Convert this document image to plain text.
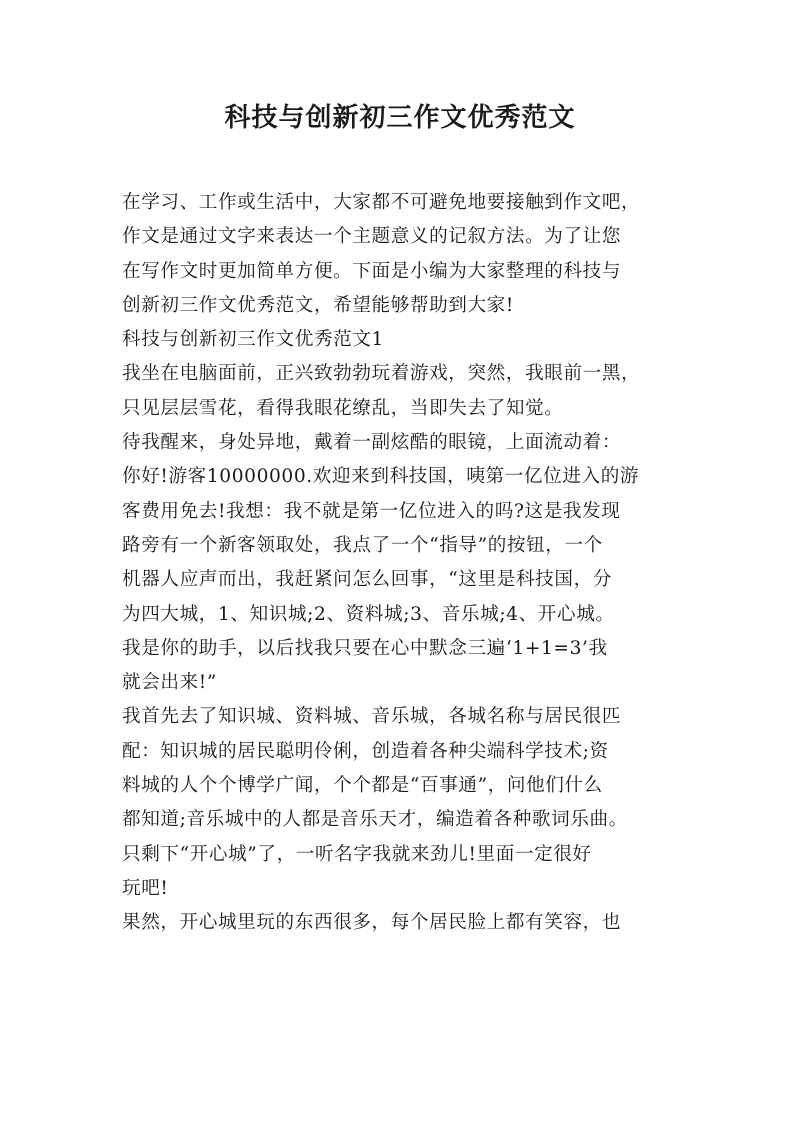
科技与创新初三作文优秀范文
在学习、工作或生活中，大家都不可避免地要接触到作文吧，
作文是通过文字来表达一个主题意义的记叙方法。为了让您
在写作文时更加简单方便。下面是小编为大家整理的科技与
创新初三作文优秀范文，希望能够帮助到大家!
科技与创新初三作文优秀范文1
我坐在电脑面前，正兴致勃勃玩着游戏，突然，我眼前一黑，
只见层层雪花，看得我眼花缭乱，当即失去了知觉。
待我醒来，身处异地，戴着一副炫酷的眼镜，上面流动着：
你好!游客10000000.欢迎来到科技国，咦第一亿位进入的游
客费用免去!我想：我不就是第一亿位进入的吗?这是我发现
路旁有一个新客领取处，我点了一个“指导”的按钮，一个
机器人应声而出，我赶紧问怎么回事，“这里是科技国，分
为四大城，1、知识城;2、资料城;3、音乐城;4、开心城。
我是你的助手，以后找我只要在心中默念三遍‘1+1=3’我
就会出来!”
我首先去了知识城、资料城、音乐城，各城名称与居民很匹
配：知识城的居民聪明伶俐，创造着各种尖端科学技术;资
料城的人个个博学广闻，个个都是“百事通”，问他们什么
都知道;音乐城中的人都是音乐天才，编造着各种歌词乐曲。
只剩下“开心城”了，一听名字我就来劲儿!里面一定很好
玩吧!
果然，开心城里玩的东西很多，每个居民脸上都有笑容，也
